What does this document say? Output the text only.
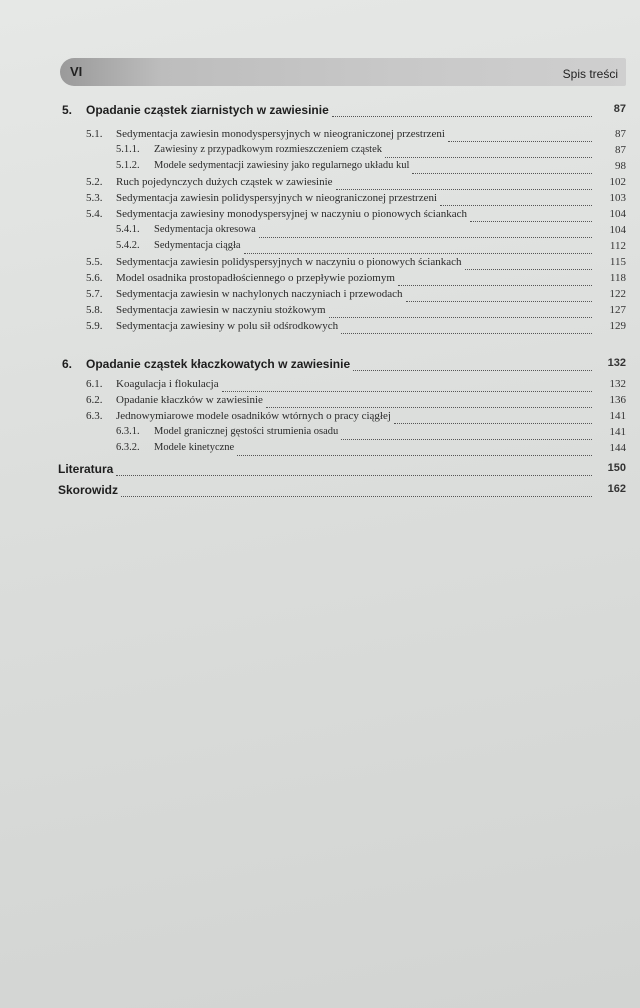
VI	Spis treści
5. Opadanie cząstek ziarnistych w zawiesinie	87
5.1. Sedymentacja zawiesin monodyspersyjnych w nieograniczonej przestrzeni	87
5.1.1. Zawiesiny z przypadkowym rozmieszczeniem cząstek	87
5.1.2. Modele sedymentacji zawiesiny jako regularnego układu kul	98
5.2. Ruch pojedynczych dużych cząstek w zawiesinie	102
5.3. Sedymentacja zawiesin polidyspersyjnych w nieograniczonej przestrzeni	103
5.4. Sedymentacja zawiesiny monodyspersyjnej w naczyniu o pionowych ściankach	104
5.4.1. Sedymentacja okresowa	104
5.4.2. Sedymentacja ciągła	112
5.5. Sedymentacja zawiesin polidyspersyjnych w naczyniu o pionowych ściankach	115
5.6. Model osadnika prostopadłościennego o przepływie poziomym	118
5.7. Sedymentacja zawiesin w nachylonych naczyniach i przewodach	122
5.8. Sedymentacja zawiesin w naczyniu stożkowym	127
5.9. Sedymentacja zawiesiny w polu sił odśrodkowych	129
6. Opadanie cząstek kłaczkowatych w zawiesinie	132
6.1. Koagulacja i flokulacja	132
6.2. Opadanie kłaczków w zawiesinie	136
6.3. Jednowymiarowe modele osadników wtórnych o pracy ciągłej	141
6.3.1. Model granicznej gęstości strumienia osadu	141
6.3.2. Modele kinetyczne	144
Literatura	150
Skorowidz	162
